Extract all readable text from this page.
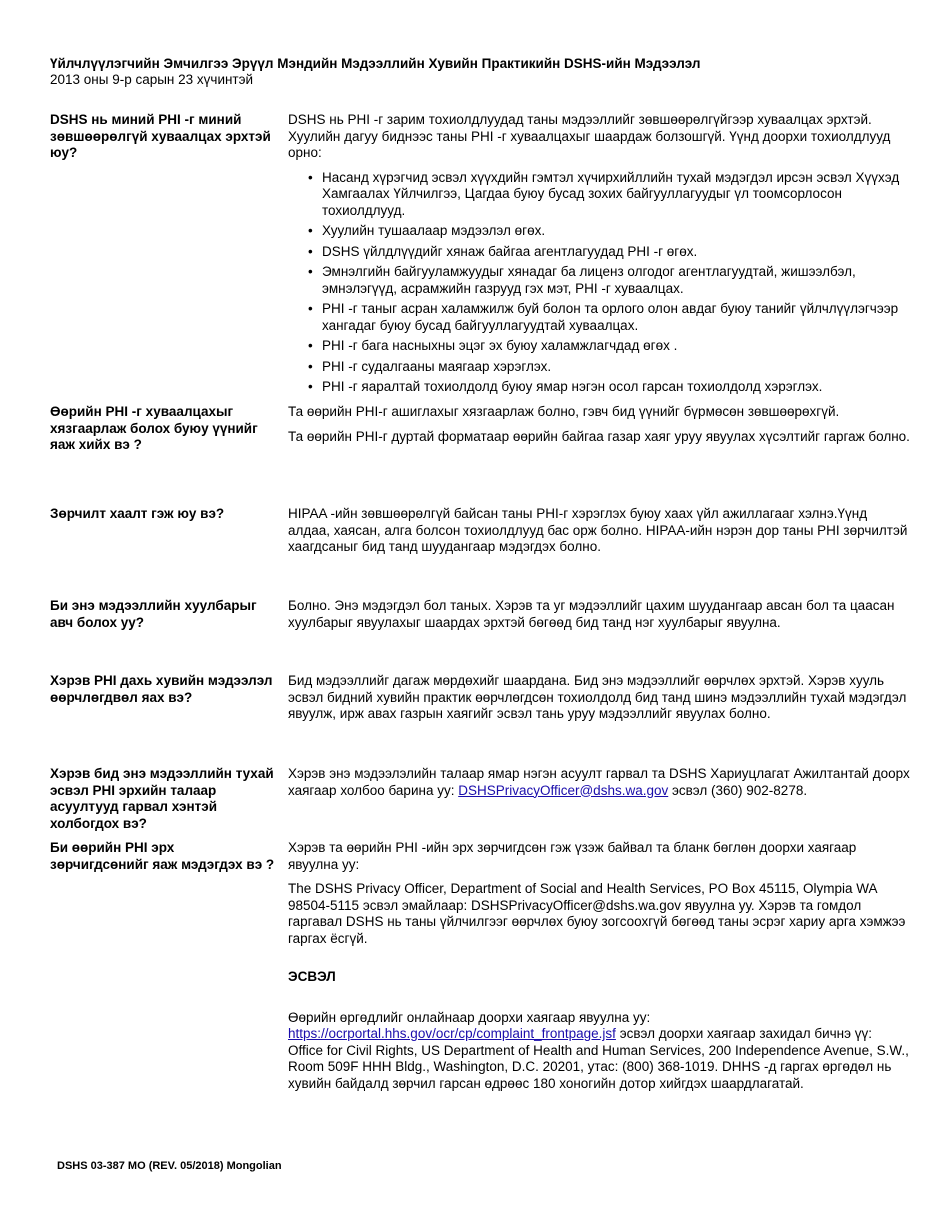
Үйлчлүүлэгчийн Эмчилгээ Эрүүл Мэндийн Мэдээллийн Хувийн Практикийн DSHS-ийн Мэдээлэл
2013 оны 9-р сарын 23 хүчинтэй
DSHS нь миний PHI -г миний зөвшөөрөлгүй хуваалцах эрхтэй юу?

DSHS нь PHI -г зарим тохиолдлуудад таны мэдээллийг зөвшөөрөлгүйгээр хуваалцах эрхтэй. Хуулийн дагуу биднээс таны PHI -г хуваалцахыг шаардаж болзошгүй. Үүнд доорхи тохиолдлууд орно:

• Насанд хүрэгчид эсвэл хүүхдийн гэмтэл хүчирхийллийн тухай мэдэгдэл ирсэн эсвэл Хүүхэд Хамгаалах Үйлчилгээ, Цагдаа буюу бусад зохих байгууллагуудыг үл тоомсорлосон тохиолдлууд.
• Хуулийн тушаалаар мэдээлэл өгөх.
• DSHS үйлдлүүдийг хянаж байгаа агентлагуудад PHI -г өгөх.
• Эмнэлгийн байгууламжуудыг хянадаг ба лиценз олгодог агентлагуудтай, жишээлбэл, эмнэлэгүүд, асрамжийн газрууд гэх мэт, PHI -г хуваалцах.
• PHI -г таныг асран халамжилж буй болон та орлого олон авдаг буюу танийг үйлчлүүлэгчээр хангадаг буюу бусад байгууллагуудтай хуваалцах.
• PHI -г бага насныхны эцэг эх буюу халамжлагчдад өгөх .
• PHI -г судалгааны маягаар хэрэглэх.
• PHI -г яаралтай тохиолдолд буюу ямар нэгэн осол гарсан тохиолдолд хэрэглэх.
Өөрийн PHI -г хуваалцахыг хязгаарлаж болох буюу үүнийг яаж хийх вэ ?

Та өөрийн PHI-г ашиглахыг хязгаарлаж болно, гэвч бид үүнийг бүрмөсөн зөвшөөрөхгүй.

Та өөрийн PHI-г дуртай форматаар өөрийн байгаа газар хаяг уруу явуулах хүсэлтийг гаргаж болно.

Зөрчилт хаалт гэж юу вэ?	HIPAA -ийн зөвшөөрөлгүй байсан таны PHI-г хэрэглэх буюу хаах үйл ажиллагааг хэлнэ.Үүнд алдаа, хаясан, алга болсон тохиолдлууд бас орж болно. HIPAA-ийн нэрэн дор таны PHI зөрчилтэй хаагдсаныг бид танд шуудангаар мэдэгдэх болно.

Би энэ мэдээллийн хуулбарыг авч болох уу?

Болно. Энэ мэдэгдэл бол таных. Хэрэв та уг мэдээллийг цахим шуудангаар авсан бол та цаасан хуулбарыг явуулахыг шаардах эрхтэй бөгөөд бид танд нэг хуулбарыг явуулна.

Хэрэв PHI дахь хувийн мэдээлэл өөрчлөгдвөл яах вэ?

Бид мэдээллийг дагаж мөрдөхийг шаардана. Бид энэ мэдээллийг өөрчлөх эрхтэй. Хэрэв хууль эсвэл бидний хувийн практик өөрчлөгдсөн тохиолдолд бид танд шинэ мэдээллийн тухай мэдэгдэл явуулж, ирж авах газрын хаягийг эсвэл тань уруу мэдээллийг явуулах болно.

Хэрэв бид энэ мэдээллийн тухай эсвэл PHI эрхийн талаар асуултууд гарвал хэнтэй холбогдох вэ?

Хэрэв энэ мэдээлэлийн талаар ямар нэгэн асуулт гарвал та DSHS Хариуцлагат Ажилтантай доорх хаягаар холбоо барина уу: DSHSPrivacyOfficer@dshs.wa.gov эсвэл (360) 902-8278.

Би өөрийн PHI эрх зөрчигдсөнийг яаж мэдэгдэх вэ ?

Хэрэв та өөрийн PHI -ийн эрх зөрчигдсөн гэж үзэж байвал та бланк бөглөн доорхи хаягаар явуулна уу:

The DSHS Privacy Officer, Department of Social and Health Services, PO Box 45115, Olympia WA 98504-5115 эсвэл эмайлаар: DSHSPrivacyOfficer@dshs.wa.gov явуулна уу. Хэрэв та гомдол гаргавал DSHS нь таны үйлчилгээг өөрчлөх буюу зогсоохгүй бөгөөд таны эсрэг хариу арга хэмжээ гаргах ёсгүй.

ЭСВЭЛ

Өөрийн өргөдлийг онлайнаар доорхи хаягаар явуулна уу: https://ocrportal.hhs.gov/ocr/cp/complaint_frontpage.jsf эсвэл доорхи хаягаар захидал бичнэ үү: Office for Civil Rights, US Department of Health and Human Services, 200 Independence Avenue, S.W., Room 509F HHH Bldg., Washington, D.C. 20201, утас: (800) 368-1019. DHHS -д гаргах өргөдөл нь хувийн байдалд зөрчил гарсан өдрөөс 180 хоногийн дотор хийгдэх шаардлагатай.

DSHS 03-387 MO (REV. 05/2018) Mongolian
